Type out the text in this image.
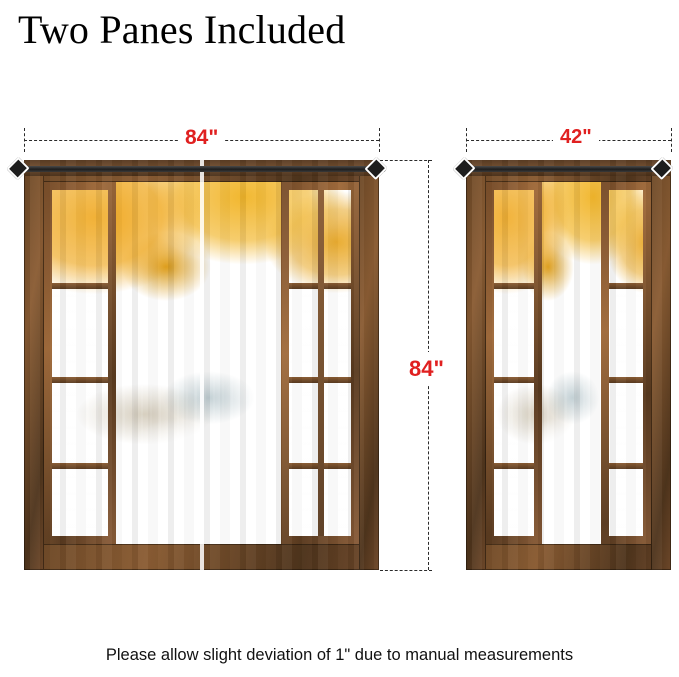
Two Panes Included
84"	42"
84"
Please allow slight deviation of 1" due to manual measurements
